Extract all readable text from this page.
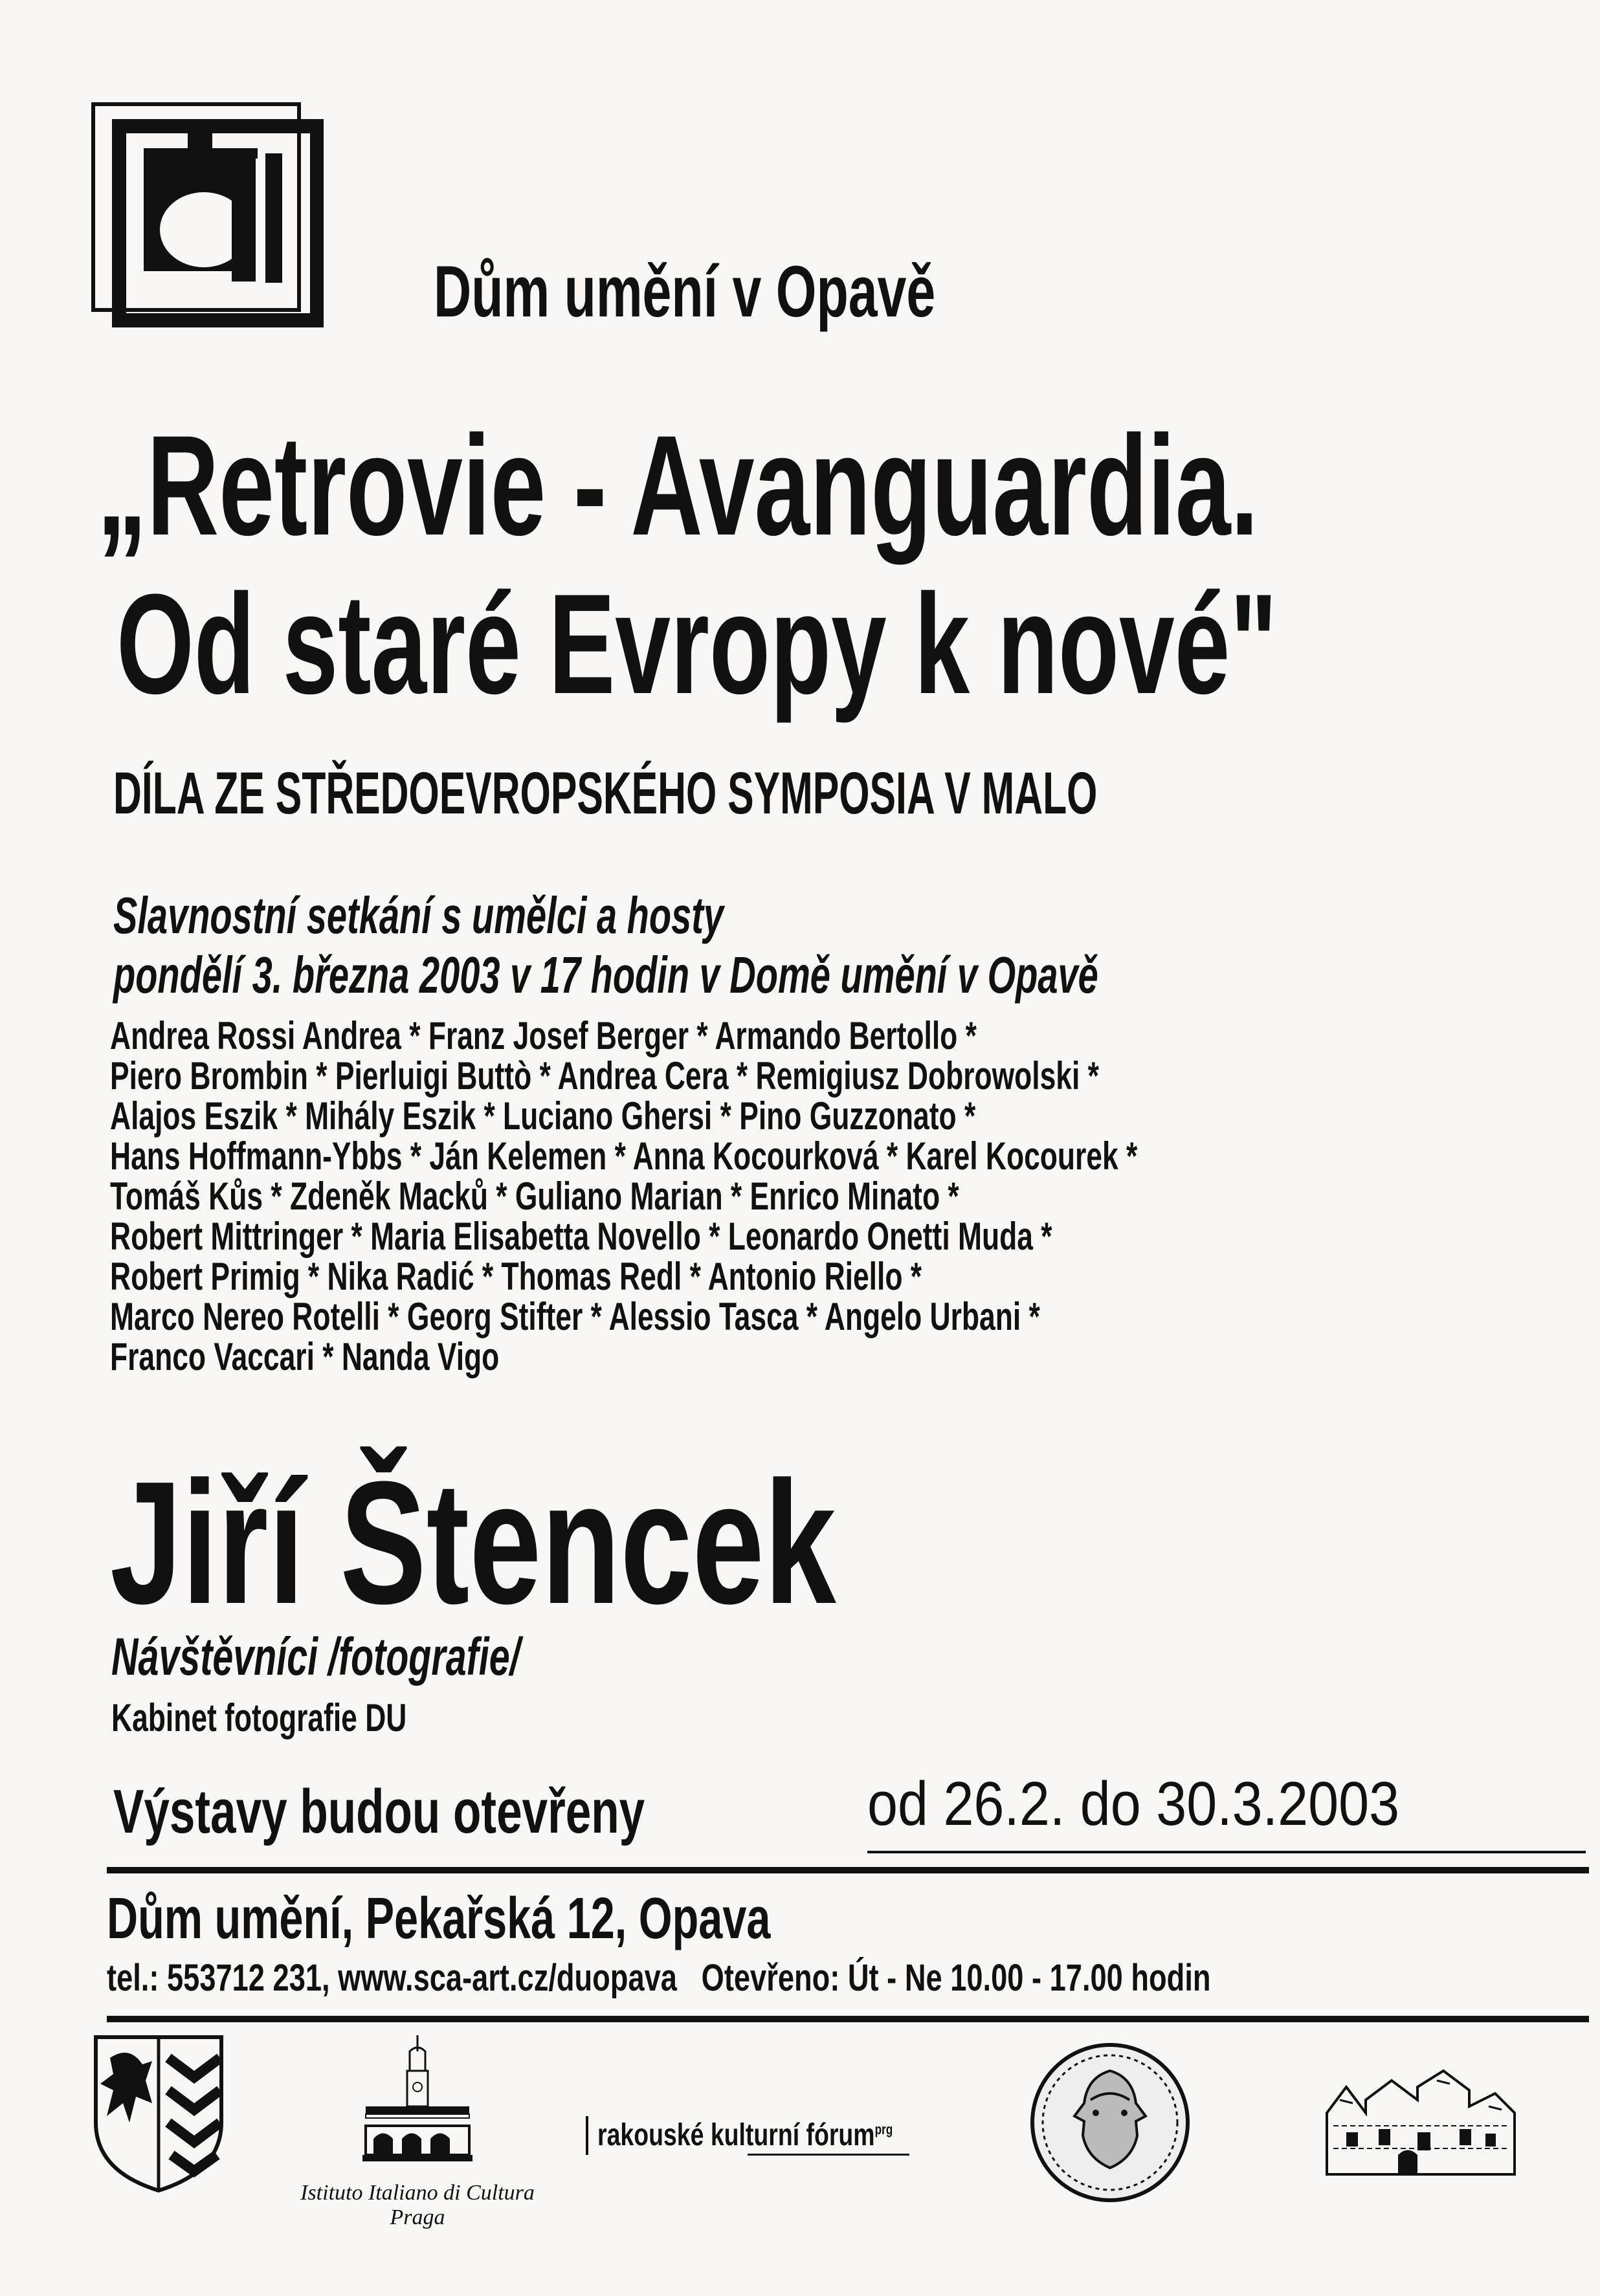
Dům umění v Opavě
„Retrovie - Avanguardia.
Od staré Evropy k nové"
DÍLA ZE STŘEDOEVROPSKÉHO SYMPOSIA V MALO
Slavnostní setkání s umělci a hosty
pondělí 3. března 2003 v 17 hodin v Domě umění v Opavě
Andrea Rossi Andrea * Franz Josef Berger * Armando Bertollo *
Piero Brombin * Pierluigi Buttò * Andrea Cera * Remigiusz Dobrowolski *
Alajos Eszik * Mihály Eszik * Luciano Ghersi * Pino Guzzonato *
Hans Hoffmann-Ybbs * Ján Kelemen * Anna Kocourková * Karel Kocourek *
Tomáš Kůs * Zdeněk Macků * Guliano Marian * Enrico Minato *
Robert Mittringer * Maria Elisabetta Novello * Leonardo Onetti Muda *
Robert Primig * Nika Radić * Thomas Redl * Antonio Riello *
Marco Nereo Rotelli * Georg Stifter * Alessio Tasca * Angelo Urbani *
Franco Vaccari * Nanda Vigo
Jiří Štencek
Návštěvníci /fotografie/
Kabinet fotografie DU
Výstavy budou otevřeny	od 26.2. do 30.3.2003
Dům umění, Pekařská 12, Opava
tel.: 553712 231, www.sca-art.cz/duopava Otevřeno: Út - Ne 10.00 - 17.00 hodin
Istituto Italiano di Cultura
Praga
rakouské kulturní fórum$^{prg}$
